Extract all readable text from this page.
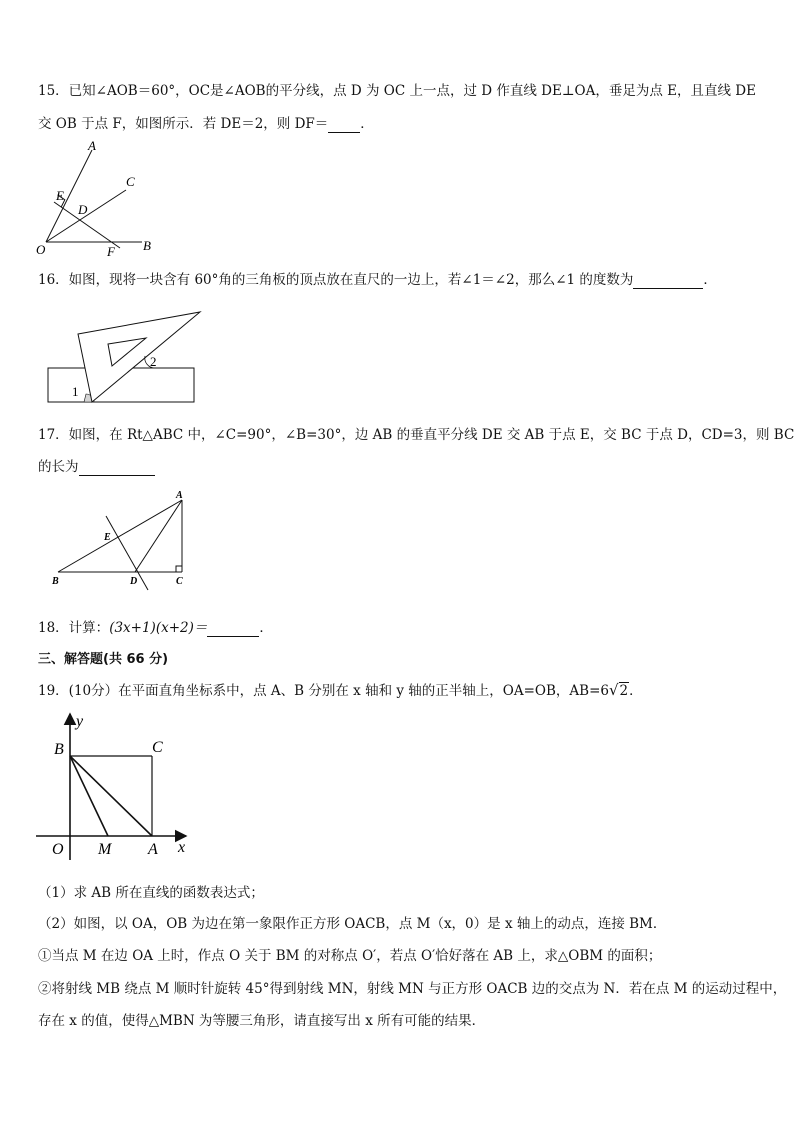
15．已知∠AOB＝60°，OC是∠AOB的平分线，点 D 为 OC 上一点，过 D 作直线 DE⊥OA，垂足为点 E，且直线 DE
交 OB 于点 F，如图所示．若 DE＝2，则 DF＝ ．
A
C
E
D
O	F B
16．如图，现将一块含有 60°角的三角板的顶点放在直尺的一边上，若∠1＝∠2，那么∠1 的度数为	．
1
2
17．如图，在 Rt△ABC 中，∠C=90°，∠B=30°，边 AB 的垂直平分线 DE 交 AB 于点 E，交 BC 于点 D，CD=3，则 BC
的长为
A
E
B	D	C
18．计算：(3x+1)(x+2)＝	．
三、解答题(共 66 分)
19．(10分）在平面直角坐标系中，点 A、B 分别在 x 轴和 y 轴的正半轴上，OA=OB，AB=6√2．
y
x
B	C
O M A
（1）求 AB 所在直线的函数表达式；
（2）如图，以 OA，OB 为边在第一象限作正方形 OACB，点 M（x，0）是 x 轴上的动点，连接 BM．
①当点 M 在边 OA 上时，作点 O 关于 BM 的对称点 O′，若点 O′恰好落在 AB 上，求△OBM 的面积；
②将射线 MB 绕点 M 顺时针旋转 45°得到射线 MN，射线 MN 与正方形 OACB 边的交点为 N．若在点 M 的运动过程中，
存在 x 的值，使得△MBN 为等腰三角形，请直接写出 x 所有可能的结果．
